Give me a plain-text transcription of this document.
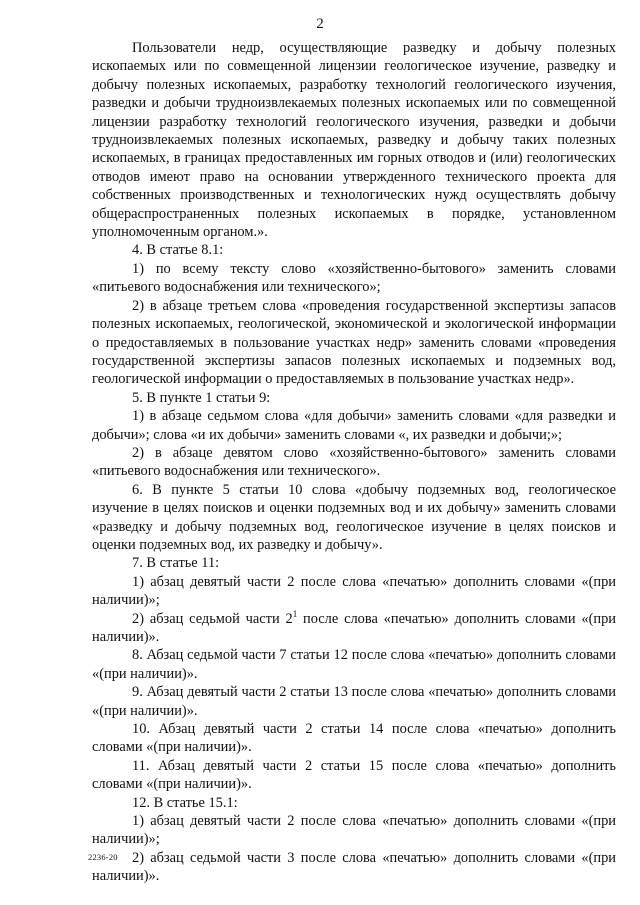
2

Пользователи недр, осуществляющие разведку и добычу полезных ископаемых или по совмещенной лицензии геологическое изучение, разведку и добычу полезных ископаемых, разработку технологий геологического изучения, разведки и добычи трудноизвлекаемых полезных ископаемых или по совмещенной лицензии разработку технологий геологического изучения, разведки и добычи трудноизвлекаемых полезных ископаемых, разведку и добычу таких полезных ископаемых, в границах предоставленных им горных отводов и (или) геологических отводов имеют право на основании утвержденного технического проекта для собственных производственных и технологических нужд осуществлять добычу общераспространенных полезных ископаемых в порядке, установленном уполномоченным органом.».

4. В статье 8.1:

1) по всему тексту слово «хозяйственно-бытового» заменить словами «питьевого водоснабжения или технического»;

2) в абзаце третьем слова «проведения государственной экспертизы запасов полезных ископаемых, геологической, экономической и экологической информации о предоставляемых в пользование участках недр» заменить словами «проведения государственной экспертизы запасов полезных ископаемых и подземных вод, геологической информации о предоставляемых в пользование участках недр».

5. В пункте 1 статьи 9:

1) в абзаце седьмом слова «для добычи» заменить словами «для разведки и добычи»; слова «и их добычи» заменить словами «, их разведки и добычи;»;

2) в абзаце девятом слово «хозяйственно-бытового» заменить словами «питьевого водоснабжения или технического».

6. В пункте 5 статьи 10 слова «добычу подземных вод, геологическое изучение в целях поисков и оценки подземных вод и их добычу» заменить словами «разведку и добычу подземных вод, геологическое изучение в целях поисков и оценки подземных вод, их разведку и добычу».

7. В статье 11:

1) абзац девятый части 2 после слова «печатью» дополнить словами «(при наличии)»;

2) абзац седьмой части $2^1$ после слова «печатью» дополнить словами «(при наличии)».

8. Абзац седьмой части 7 статьи 12 после слова «печатью» дополнить словами «(при наличии)».

9. Абзац девятый части 2 статьи 13 после слова «печатью» дополнить словами «(при наличии)».

10. Абзац девятый части 2 статьи 14 после слова «печатью» дополнить словами «(при наличии)».

11. Абзац девятый части 2 статьи 15 после слова «печатью» дополнить словами «(при наличии)».

12. В статье 15.1:

1) абзац девятый части 2 после слова «печатью» дополнить словами «(при наличии)»;

2) абзац седьмой части 3 после слова «печатью» дополнить словами «(при наличии)».

2236-20
